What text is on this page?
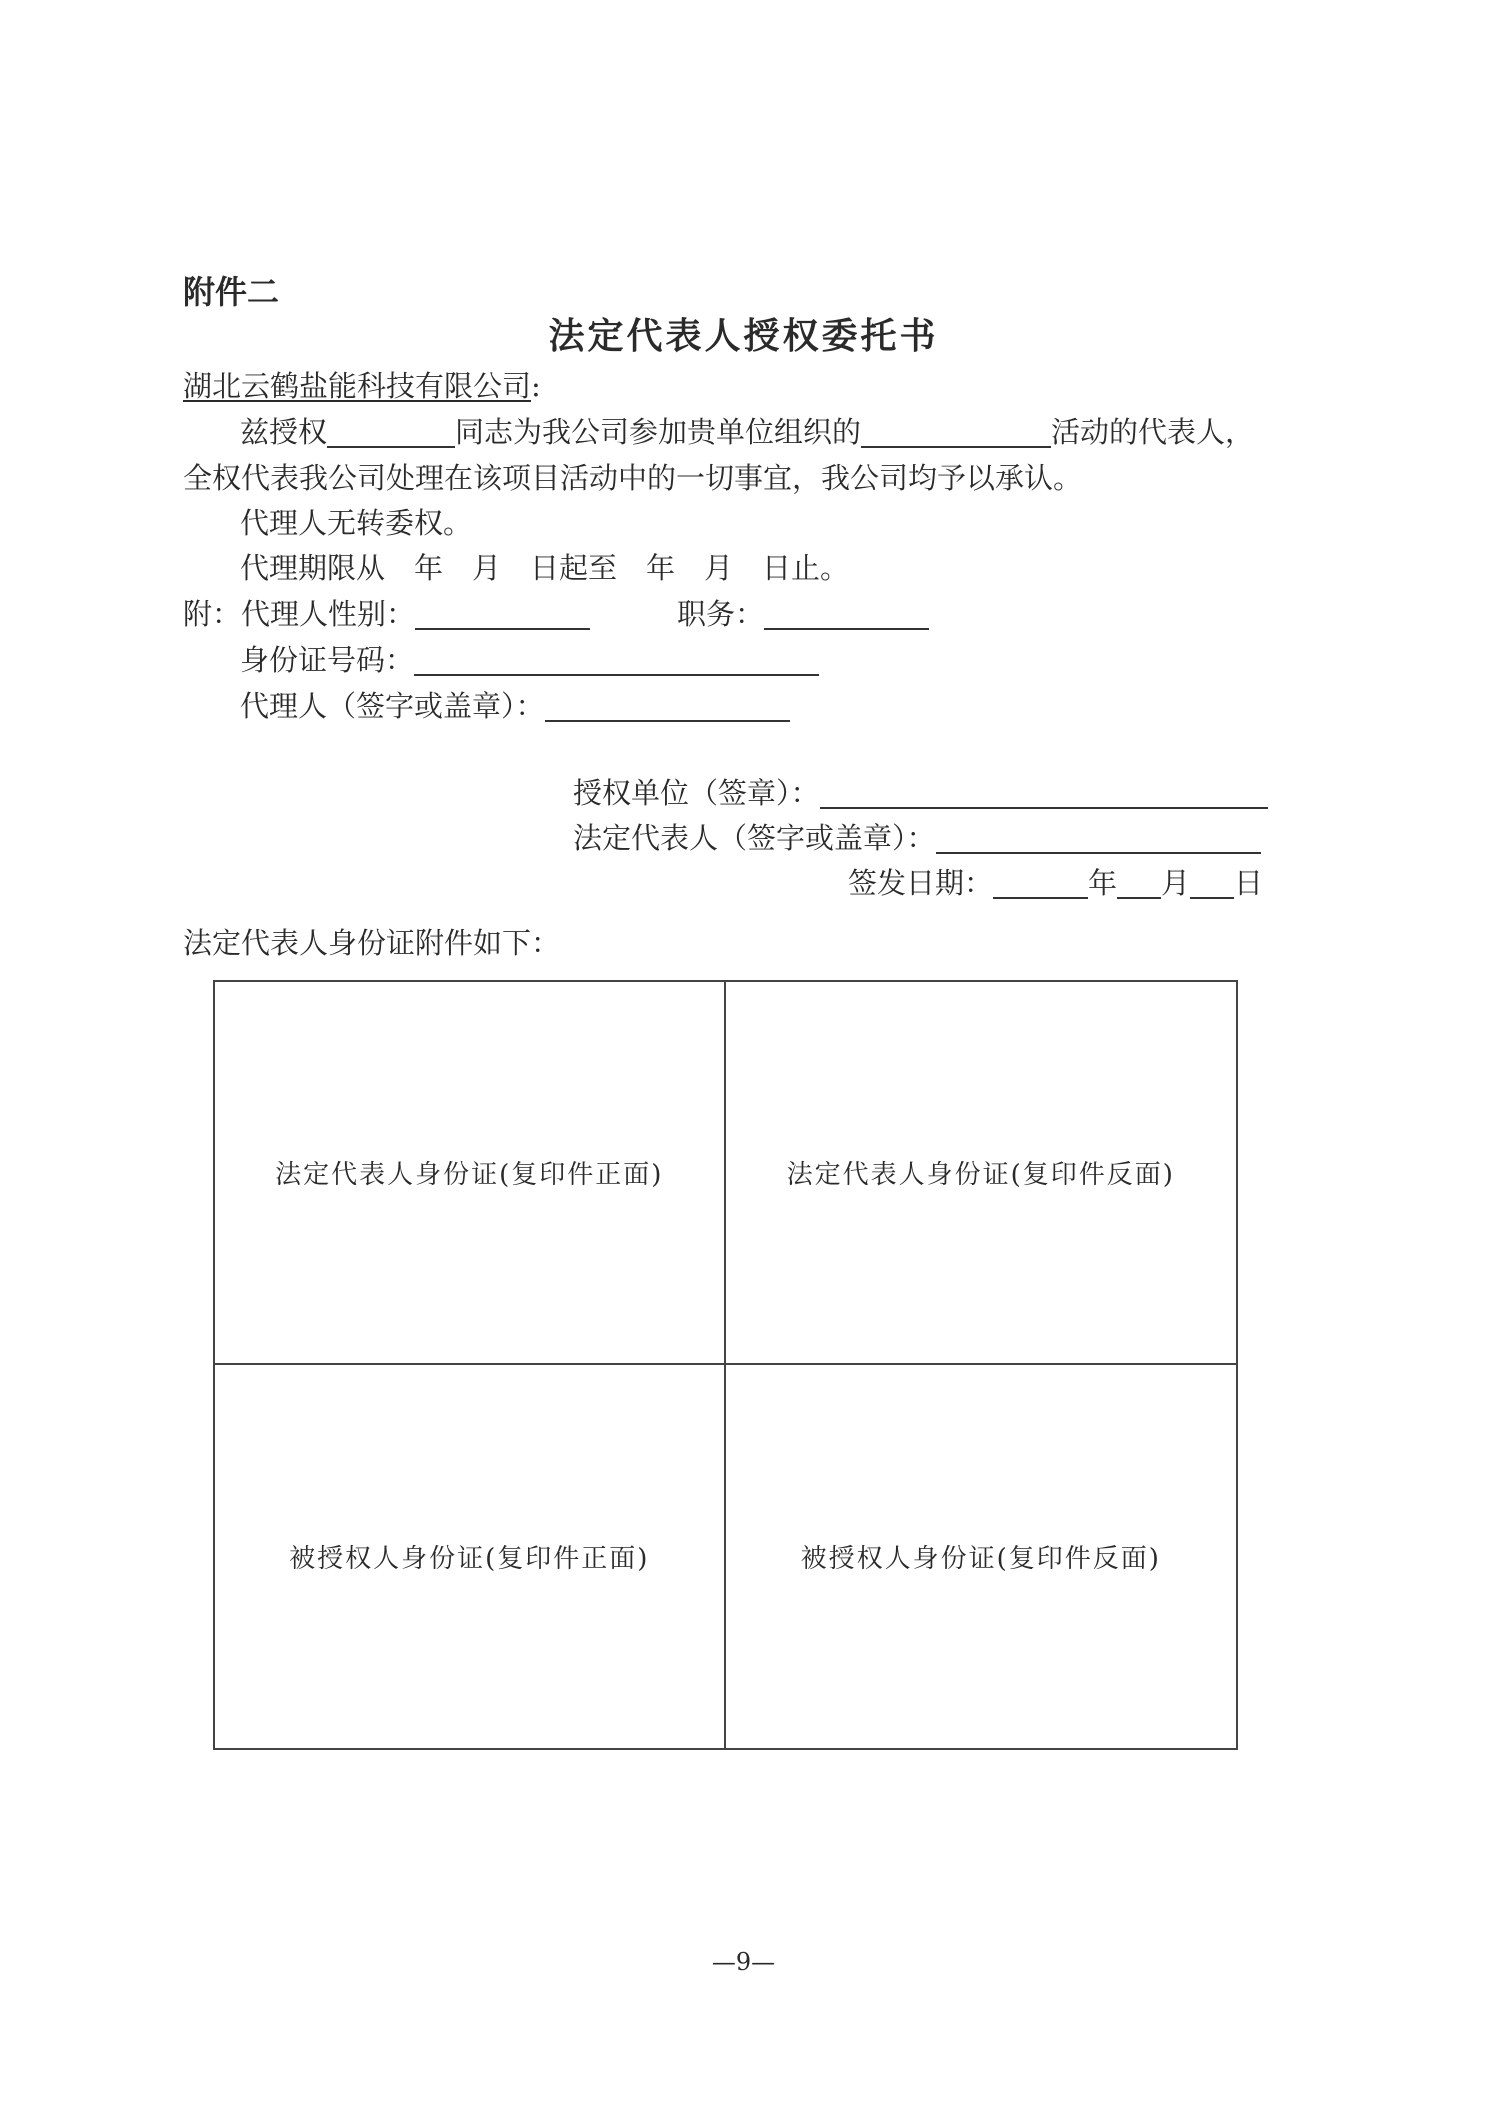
附件二
法定代表人授权委托书
湖北云鹤盐能科技有限公司:
兹授权	同志为我公司参加贵单位组织的	活动的代表人，
全权代表我公司处理在该项目活动中的一切事宜，我公司均予以承认。
代理人无转委权。
代理期限从　年　月　日起至　年　月　日止。
附：代理人性别：	职务：
身份证号码：
代理人（签字或盖章）：
授权单位（签章）：
法定代表人（签字或盖章）：
签发日期：	年 月 日
法定代表人身份证附件如下：
法定代表人身份证(复印件正面)	法定代表人身份证(复印件反面)
被授权人身份证(复印件正面)	被授权人身份证(复印件反面)
—9—
